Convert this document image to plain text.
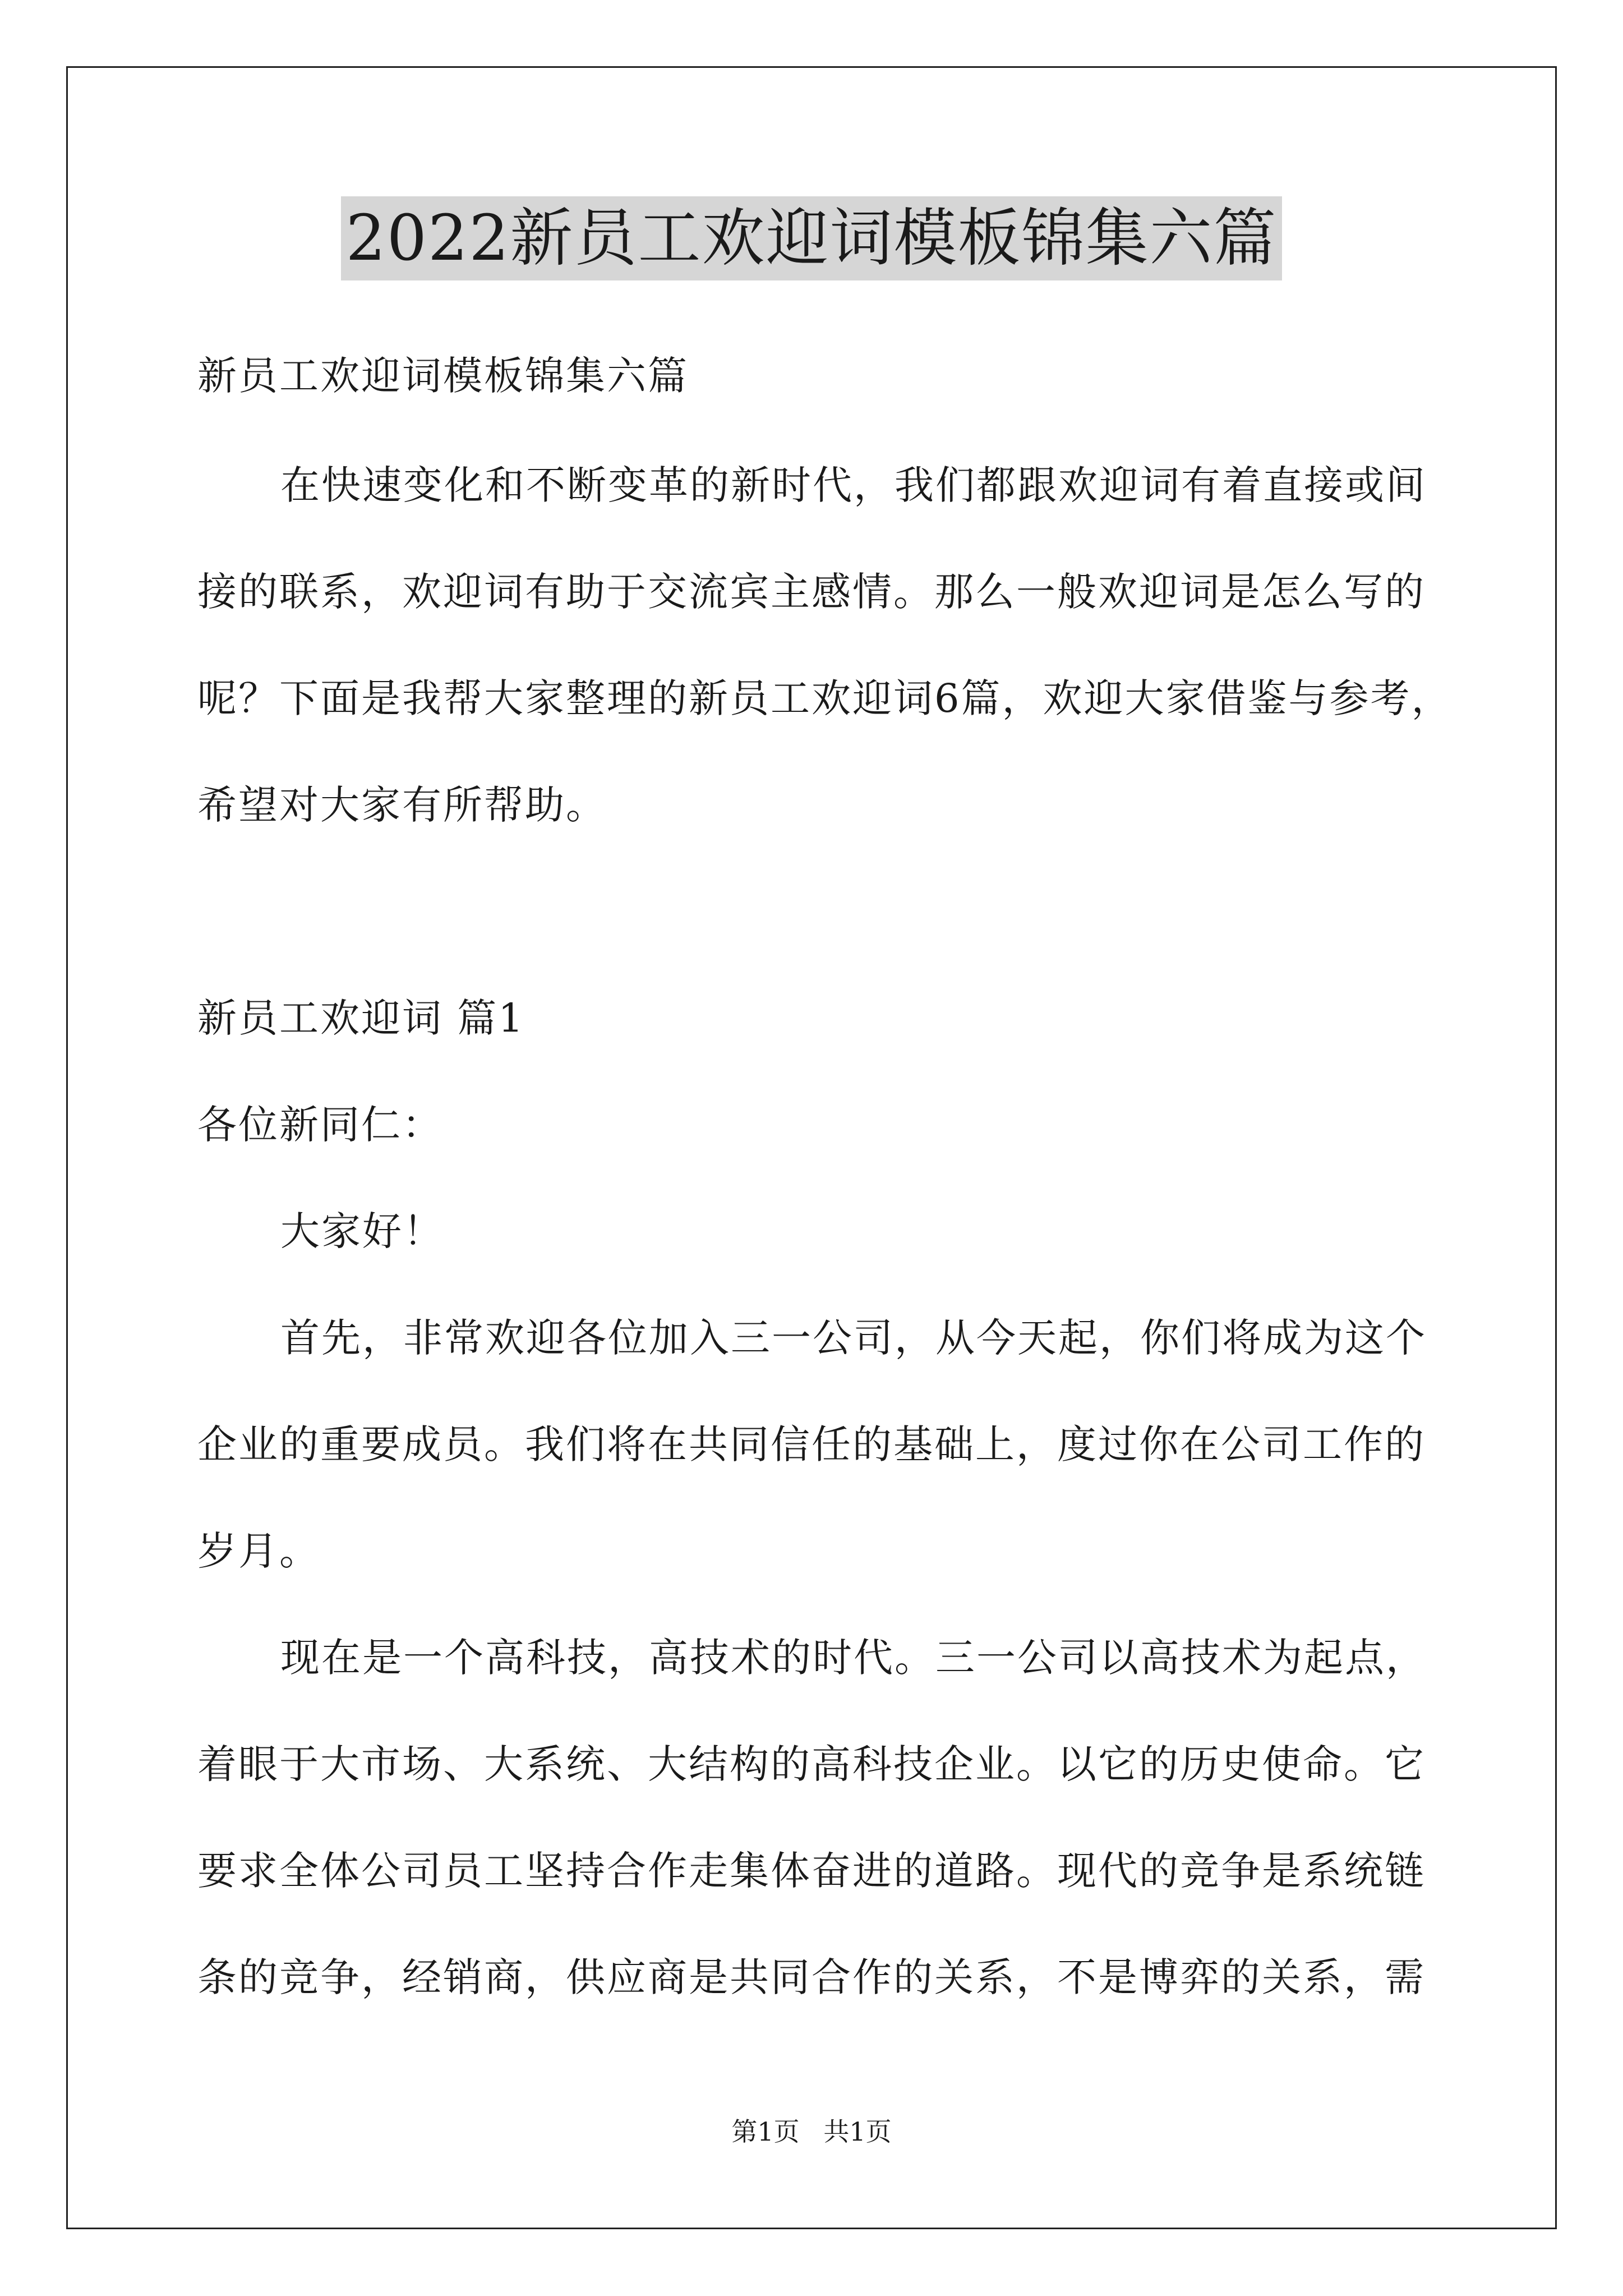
2022新员工欢迎词模板锦集六篇
新员工欢迎词模板锦集六篇
在快速变化和不断变革的新时代，我们都跟欢迎词有着直接或间
接的联系，欢迎词有助于交流宾主感情。那么一般欢迎词是怎么写的
呢？下面是我帮大家整理的新员工欢迎词6篇，欢迎大家借鉴与参考，
希望对大家有所帮助。
新员工欢迎词 篇1
各位新同仁：
大家好！
首先，非常欢迎各位加入三一公司，从今天起，你们将成为这个
企业的重要成员。我们将在共同信任的基础上，度过你在公司工作的
岁月。
现在是一个高科技，高技术的时代。三一公司以高技术为起点，
着眼于大市场、大系统、大结构的高科技企业。以它的历史使命。它
要求全体公司员工坚持合作走集体奋进的道路。现代的竞争是系统链
条的竞争，经销商，供应商是共同合作的关系，不是博弈的关系，需
第1页 共1页
